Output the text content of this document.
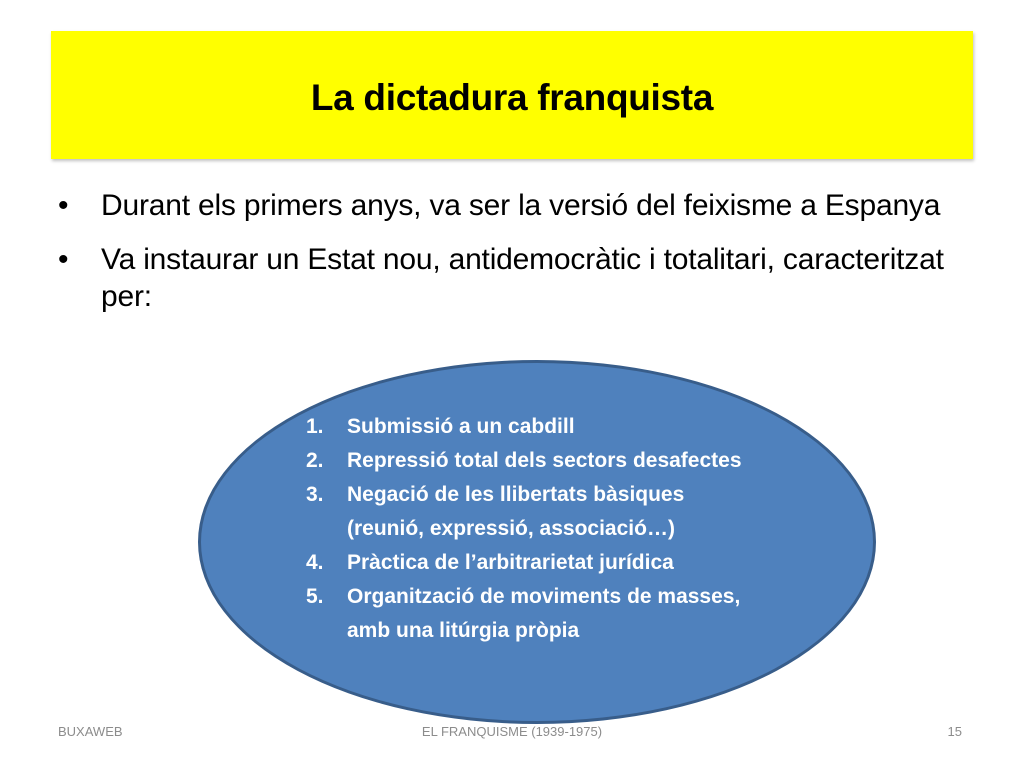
La dictadura franquista
• Durant els primers anys, va ser la versió del feixisme a Espanya
• Va instaurar un Estat nou, antidemocràtic i totalitari, caracteritzat per:
1. Submissió a un cabdill
2. Repressió total dels sectors desafectes
3. Negació de les llibertats bàsiques (reunió, expressió, associació…)
4. Pràctica de l’arbitrarietat jurídica
5. Organització de moviments de masses, amb una litúrgia pròpia
BUXAWEB	EL FRANQUISME (1939-1975)	15
